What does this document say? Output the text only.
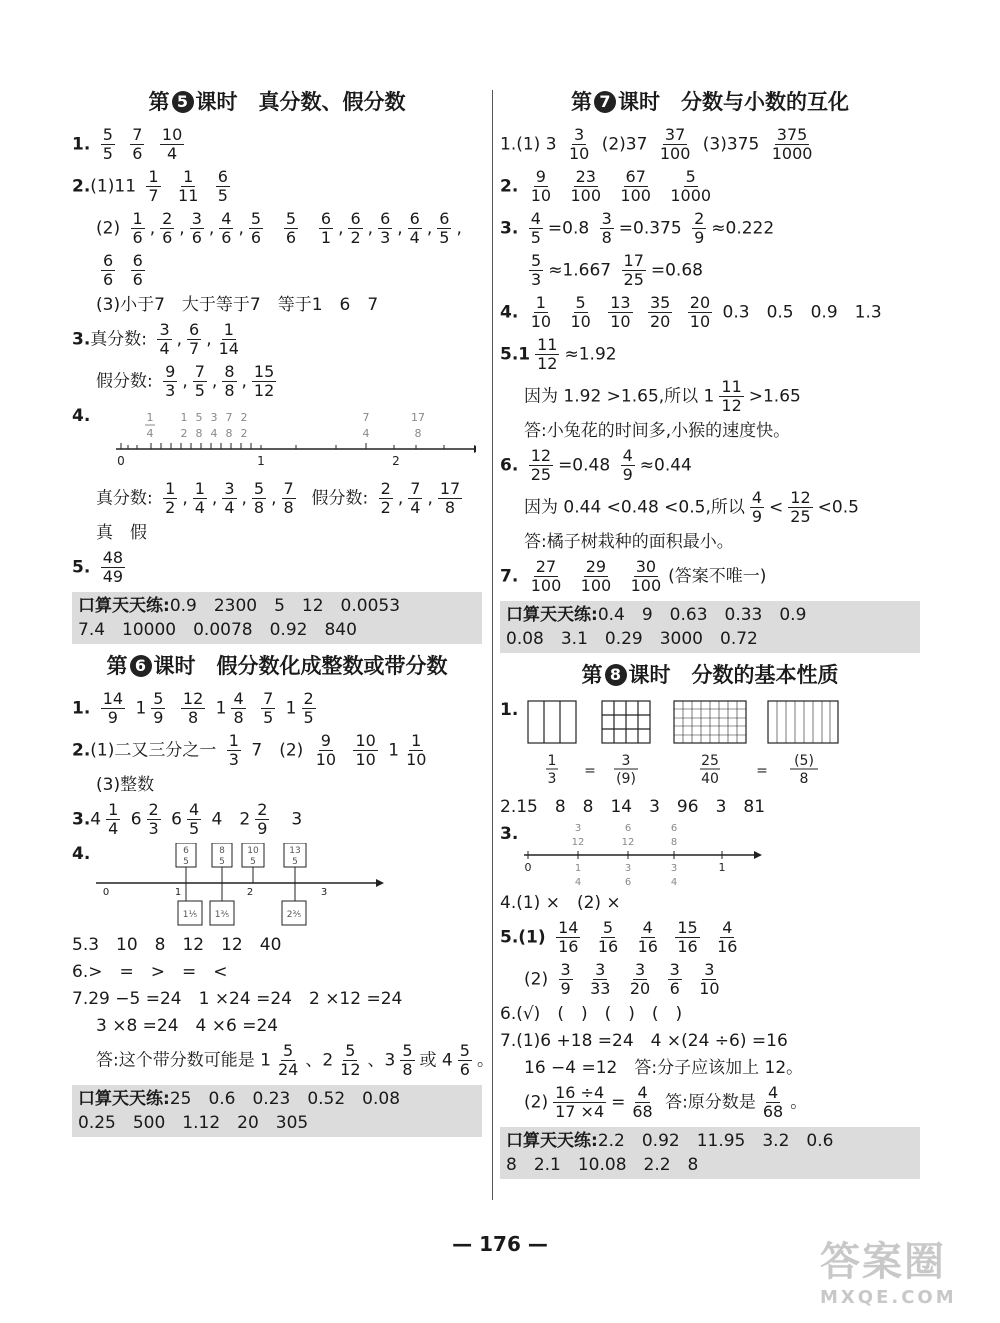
第 5 课时　真分数、假分数
1. $\frac{5}{5}$
$\frac{7}{6}$
$\frac{10}{4}$
$2.(1)11 \frac{1}{7}$
$\frac{1}{11}$
$\frac{6}{5}$
$(2) \frac{1}{6}$ , $\frac{2}{6}$ , $\frac{3}{6}$ , $\frac{4}{6}$ , $\frac{5}{6}$
$\frac{5}{6}$
$\frac{6}{1}$ , $\frac{6}{2}$ , $\frac{6}{3}$ , $\frac{6}{4}$ , $\frac{6}{5}$ ,
$\frac{6}{6}$
$\frac{6}{6}$
(3)小于7　大于等于7　等于1　6　7
3.真分数: $\frac{3}{4}$ , $\frac{6}{7}$ , $\frac{1}{14}$
假分数: $\frac{9}{3}$ , $\frac{7}{5}$ , $\frac{8}{8}$ , $\frac{15}{12}$
4.	1
4
1
2
5
8
3
4
7
8
2
2
7
4
17
8
0	1	2
真分数: $\frac{1}{2}$ , $\frac{1}{4}$ , $\frac{3}{4}$ , $\frac{5}{8}$ , $\frac{7}{8}$ 假分数: $\frac{2}{2}$ , $\frac{7}{4}$ , $\frac{17}{8}$
真　假
5. $\frac{48}{49}$
口算天天练:0.9　2300　5　12　0.0053
7.4　10000　0.0078　0.92　840
第 6 课时　假分数化成整数或带分数
1. $\frac{14}{9} 1 \frac{5}{9}$
$\frac{12}{8} 1 \frac{4}{8}$
$\frac{7}{5} 1 \frac{2}{5}$
2.(1)二又三分之一 $\frac{1}{3} 7$　$(2) \frac{9}{10}$
$\frac{10}{10} 1 \frac{1}{10}$
(3)整数
$3.4 \frac{1}{4} 6 \frac{2}{3} 6 \frac{4}{5} 4$　$2 \frac{2}{9}$ 　3
4.
0	1	2	3
6
5
8
5
10
5
13
5
1⅕ 1⅗	2⅗
5.3　10　8　12　12　40
6.>　=　>　=　<
7.29 −5 =24　1 ×24 =24　2 ×12 =24
3 ×8 =24　4 ×6 =24
答:这个带分数可能是 $1 \frac{5}{24}$ 、$2 \frac{5}{12}$ 、$3 \frac{5}{8}$ 或 $4 \frac{5}{6}$ 。
口算天天练:25　0.6　0.23　0.52　0.08
0.25　500　1.12　20　305
第 7 课时　分数与小数的互化
1.(1) $3 \frac{3}{10} (2)37 \frac{37}{100} (3)375 \frac{375}{1000}$
2. $\frac{9}{10}$
$\frac{23}{100}$
$\frac{67}{100}$
$\frac{5}{1000}$
3. $\frac{4}{5} =0.8 \frac{3}{8} =0.375 \frac{2}{9} \approx 0.222$
$\frac{5}{3} \approx 1.667 \frac{17}{25} =0.68$
4. $\frac{1}{10}$
$\frac{5}{10}$
$\frac{13}{10}$
$\frac{35}{20}$
$\frac{20}{10} 0.3$　0.5　0.9　1.3
$5.1 \frac{11}{12} \approx 1.92$
因为 1.92 >1.65,所以 $1 \frac{11}{12} >1.65$
答:小兔花的时间多,小猴的速度快。
6. $\frac{12}{25} =0.48 \frac{4}{9} \approx 0.44$
因为 0.44 <0.48 <0.5,所以 $\frac{4}{9} < \frac{12}{25} <0.5$
答:橘子树栽种的面积最小。
7. $\frac{27}{100}$
$\frac{29}{100}$
$\frac{30}{100}$ (答案不唯一)
口算天天练:0.4　9　0.63　0.33　0.9
0.08　3.1　0.29　3000　0.72
第 8 课时　分数的基本性质
1.
1
3 =
3
(9)
25
40	=
(5)
8
2.15　8　8　14　3　96　3　81
3.	3
12
6
12
6
8
1
4
3
6
3
4
0	1
4.(1) ×　(2) ×
$5.(1) \frac{14}{16}$
$\frac{5}{16}$
$\frac{4}{16}$
$\frac{15}{16}$
$\frac{4}{16}$
$(2) \frac{3}{9}$
$\frac{3}{33}$
$\frac{3}{20}$
$\frac{3}{6}$
$\frac{3}{10}$
6.(√)　(　)　(　)　(　)
7.(1)6 +18 =24　4 ×(24 ÷6) =16
16 −4 =12　答:分子应该加上 12。
$(2) \frac{16 \div 4}{17 \times 4} = \frac{4}{68}$ 答:原分数是 $\frac{4}{68}$ 。
口算天天练:2.2　0.92　11.95　3.2　0.6
8　2.1　10.08　2.2　8
— 176 —	答案圈
MXQE.COM
